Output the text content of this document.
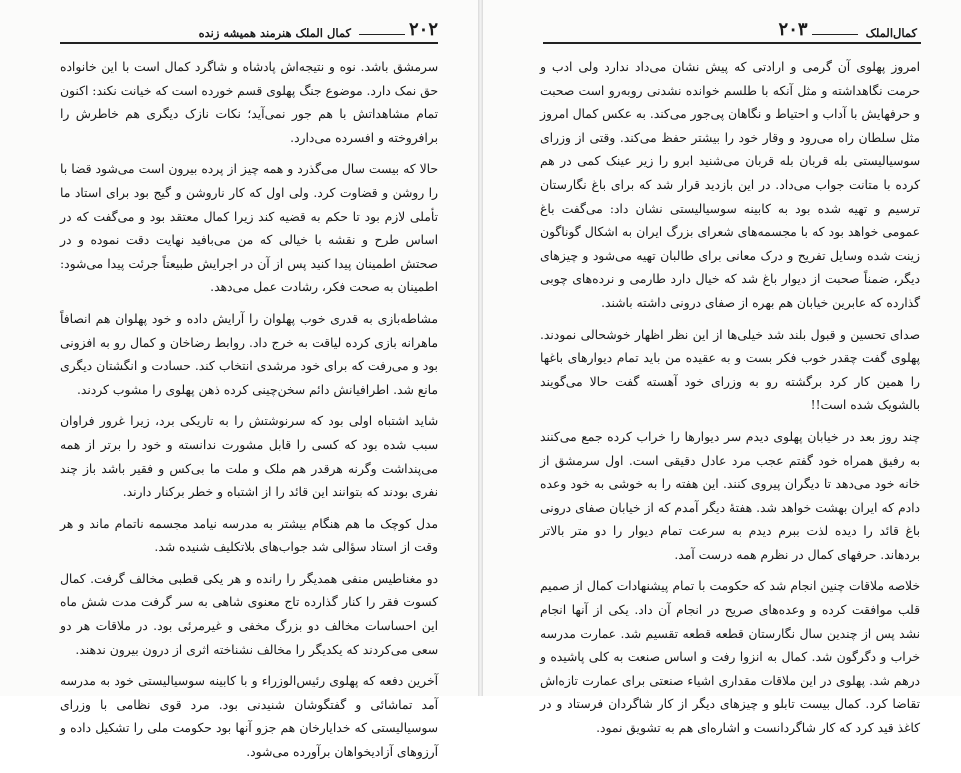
۲۰۲
کمال الملک هنرمند همیشه زنده

سرمشق باشد. نوه و نتیجه‌اش پادشاه و شاگرد کمال است با این خانواده حق نمک دارد. موضوع جنگ پهلوی قسم خورده است که خیانت نکند: اکنون تمام مشاهداتش با هم جور نمی‌آید؛ نکات نازک دیگری هم خاطرش را برافروخته و افسرده می‌دارد.

حالا که بیست سال می‌گذرد و همه چیز از پرده بیرون است می‌شود قضا با را روشن و قضاوت کرد. ولی اول که کار ناروشن و گیج بود برای استاد ما تأملی لازم بود تا حکم به قضیه کند زیرا کمال معتقد بود و می‌گفت که در اساس طرح و نقشه با خیالی که من می‌بافید نهایت دقت نموده و در صحتش اطمینان پیدا کنید پس از آن در اجرایش طبیعتاً جرئت پیدا می‌شود: اطمینان به صحت فکر، رشادت عمل می‌دهد.

مشاطه‌بازی به قدری خوب پهلوان را آرایش داده و خود پهلوان هم انصافاً ماهرانه بازی کرده لیاقت به خرج داد. روابط رضاخان و کمال رو به افزونی بود و می‌رفت که برای خود مرشدی انتخاب کند. حسادت و انگشتان دیگری مانع شد. اطرافیانش دائم سخن‌چینی کرده ذهن پهلوی را مشوب کردند.

شاید اشتباه اولی بود که سرنوشتش را به تاریکی برد، زیرا غرور فراوان سبب شده بود که کسی را قابل مشورت ندانسته و خود را برتر از همه می‌پنداشت وگرنه هرقدر هم ملک و ملت ما بی‌کس و فقیر باشد باز چند نفری بودند که بتوانند این قائد را از اشتباه و خطر برکنار دارند.

مدل کوچک ما هم هنگام بیشتر به مدرسه نیامد مجسمه ناتمام ماند و هر وقت از استاد سؤالی شد جواب‌های بلاتکلیف شنیده شد.

دو مغناطیس منفی همدیگر را رانده و هر یکی قطبی مخالف گرفت. کمال کسوت فقر را کنار گذارده تاج معنوی شاهی به سر گرفت مدت شش ماه این احساسات مخالف دو بزرگ مخفی و غیرمرئی بود. در ملاقات هر دو سعی می‌کردند که یکدیگر را مخالف نشناخته اثری از درون بیرون ندهند.

آخرین دفعه که پهلوی رئیس‌الوزراء و با کابینه سوسیالیستی خود به مدرسه آمد تماشائی و گفتگوشان شنیدنی بود. مرد قوی نظامی با وزرای سوسیالیستی که خدایارخان هم جزو آنها بود حکومت ملی را تشکیل داده و آرزوهای آزادیخواهان برآورده می‌شود.

کمال‌الملک
۲۰۳

امروز پهلوی آن گرمی و ارادتی که پیش نشان می‌داد ندارد ولی ادب و حرمت نگاهداشته و مثل آنکه با طلسم خوانده نشدنی روبه‌رو است صحبت و حرفهایش با آداب و احتیاط و نگاهان پی‌جور می‌کند. به عکس کمال امروز مثل سلطان راه می‌رود و وقار خود را بیشتر حفظ می‌کند. وقتی از وزرای سوسیالیستی بله قربان بله قربان می‌شنید ابرو را زیر عینک کمی در هم کرده با متانت جواب می‌داد. در این بازدید قرار شد که برای باغ نگارستان ترسیم و تهیه شده بود به کابینه سوسیالیستی نشان داد: می‌گفت باغ عمومی خواهد بود که با مجسمه‌های شعرای بزرگ ایران به اشکال گوناگون زینت شده وسایل تفریح و درک معانی برای طالبان تهیه می‌شود و چیزهای دیگر، ضمناً صحبت از دیوار باغ شد که خیال دارد طارمی و نرده‌های چوبی گذارده که عابرین خیابان هم بهره از صفای درونی داشته باشند.

صدای تحسین و قبول بلند شد خیلی‌ها از این نظر اظهار خوشحالی نمودند. پهلوی گفت چقدر خوب فکر بست و به عقیده من باید تمام دیوارهای باغها را همین کار کرد برگشته رو به وزرای خود آهسته گفت حالا می‌گویند بالشویک شده است!!

چند روز بعد در خیابان پهلوی دیدم سر دیوارها را خراب کرده جمع می‌کنند به رفیق همراه خود گفتم عجب مرد عادل دقیقی است. اول سرمشق از خانه خود می‌دهد تا دیگران پیروی کنند. این هفته را به خوشی به خود وعده دادم که ایران بهشت خواهد شد. هفتهٔ دیگر آمدم که از خیابان صفای درونی باغ قائد را دیده لذت ببرم دیدم به سرعت تمام دیوار را دو متر بالاتر بردهاند. حرفهای کمال در نظرم همه درست آمد.

خلاصه ملاقات چنین انجام شد که حکومت با تمام پیشنهادات کمال از صمیم قلب موافقت کرده و وعده‌های صریح در انجام آن داد. یکی از آنها انجام نشد پس از چندین سال نگارستان قطعه قطعه تقسیم شد. عمارت مدرسه خراب و دگرگون شد. کمال به انزوا رفت و اساس صنعت به کلی پاشیده و درهم شد. پهلوی در این ملاقات مقداری اشیاء صنعتی برای عمارت تازه‌اش تقاضا کرد. کمال بیست تابلو و چیزهای دیگر از کار شاگردان فرستاد و در کاغذ قید کرد که کار شاگردانست و اشاره‌ای هم به تشویق نمود.
